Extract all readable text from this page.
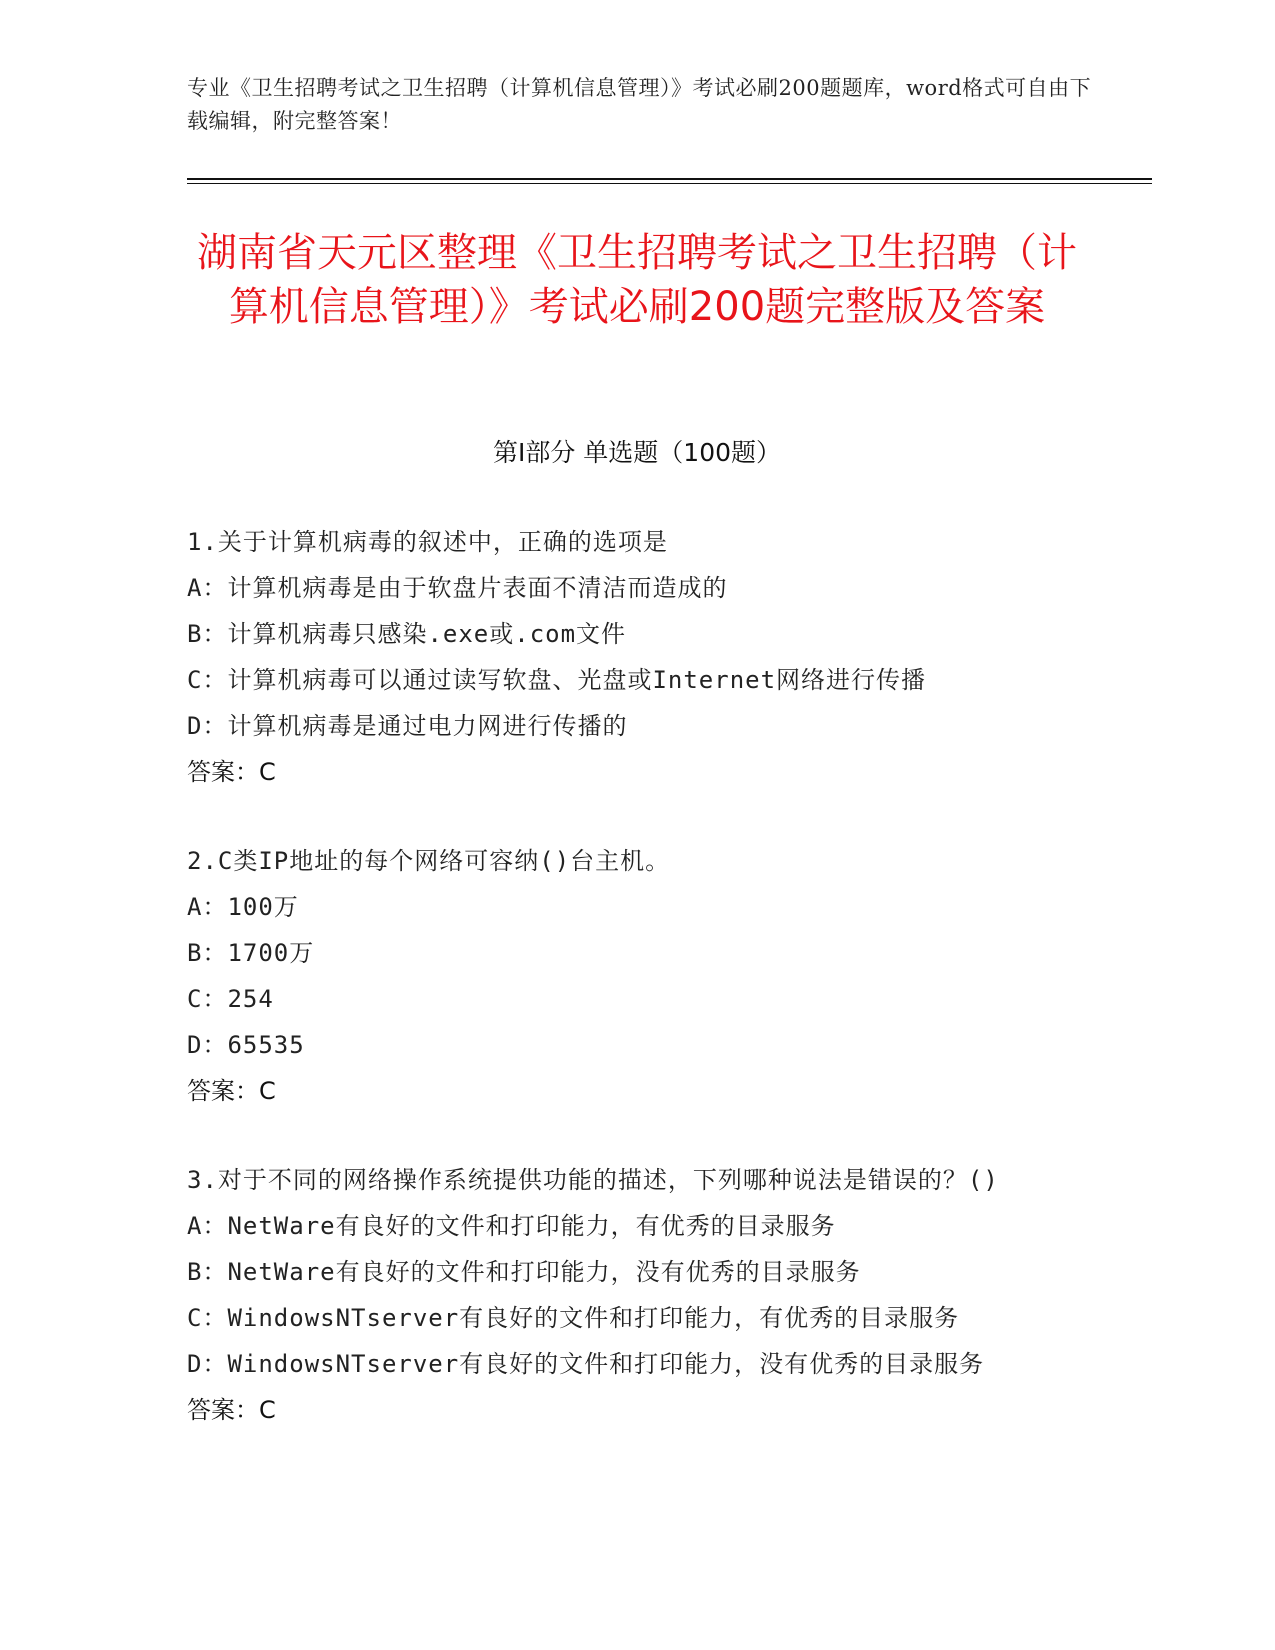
专业《卫生招聘考试之卫生招聘（计算机信息管理）》考试必刷200题题库，word格式可自由下载编辑，附完整答案！
湖南省天元区整理《卫生招聘考试之卫生招聘（计算机信息管理）》考试必刷200题完整版及答案
第Ⅰ部分 单选题（100题）
1.关于计算机病毒的叙述中，正确的选项是
A：计算机病毒是由于软盘片表面不清洁而造成的
B：计算机病毒只感染.exe或.com文件
C：计算机病毒可以通过读写软盘、光盘或Internet网络进行传播
D：计算机病毒是通过电力网进行传播的
答案：C
2.C类IP地址的每个网络可容纳()台主机。
A：100万
B：1700万
C：254
D：65535
答案：C
3.对于不同的网络操作系统提供功能的描述，下列哪种说法是错误的？()
A：NetWare有良好的文件和打印能力，有优秀的目录服务
B：NetWare有良好的文件和打印能力，没有优秀的目录服务
C：WindowsNTserver有良好的文件和打印能力，有优秀的目录服务
D：WindowsNTserver有良好的文件和打印能力，没有优秀的目录服务
答案：C
